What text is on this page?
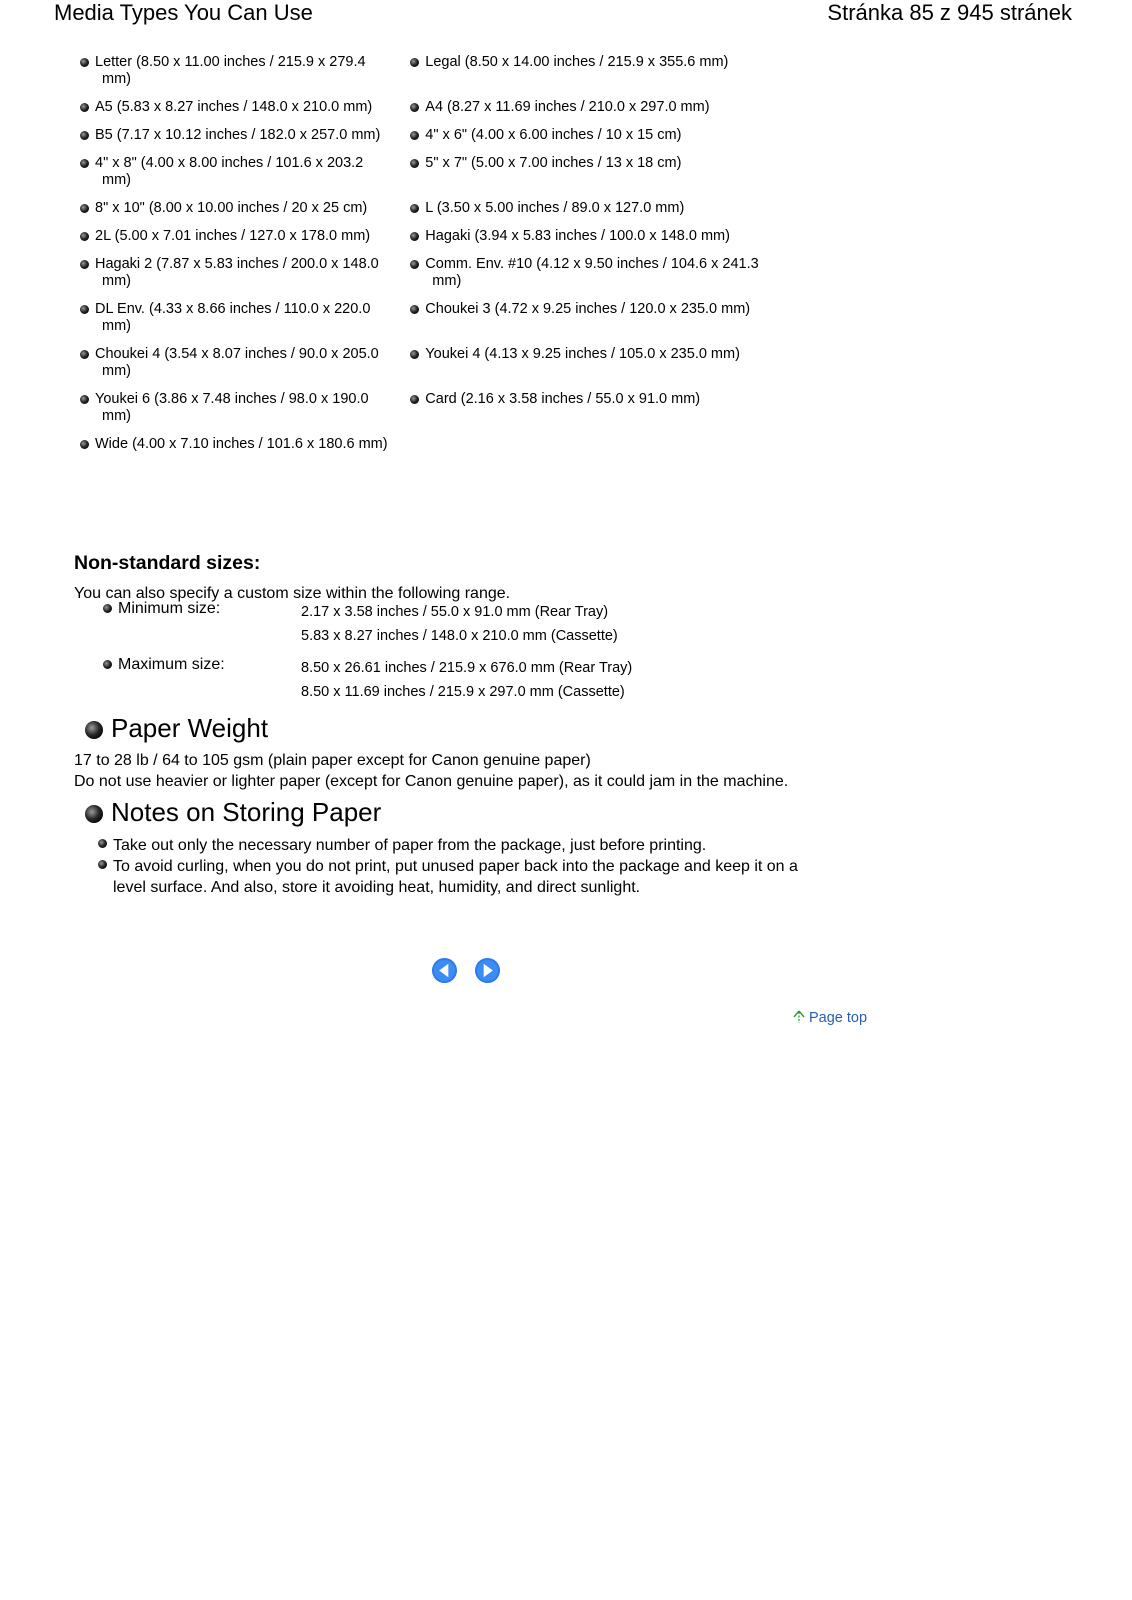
Media Types You Can Use	Stránka 85 z 945 stránek
Letter (8.50 x 11.00 inches / 215.9 x 279.4
mm)
Legal (8.50 x 14.00 inches / 215.9 x 355.6 mm)
A5 (5.83 x 8.27 inches / 148.0 x 210.0 mm)	A4 (8.27 x 11.69 inches / 210.0 x 297.0 mm)
B5 (7.17 x 10.12 inches / 182.0 x 257.0 mm)	4" x 6" (4.00 x 6.00 inches / 10 x 15 cm)
4" x 8" (4.00 x 8.00 inches / 101.6 x 203.2
mm)
5" x 7" (5.00 x 7.00 inches / 13 x 18 cm)
8" x 10" (8.00 x 10.00 inches / 20 x 25 cm)	L (3.50 x 5.00 inches / 89.0 x 127.0 mm)
2L (5.00 x 7.01 inches / 127.0 x 178.0 mm)	Hagaki (3.94 x 5.83 inches / 100.0 x 148.0 mm)
Hagaki 2 (7.87 x 5.83 inches / 200.0 x 148.0
mm)
Comm. Env. #10 (4.12 x 9.50 inches / 104.6 x 241.3
mm)
DL Env. (4.33 x 8.66 inches / 110.0 x 220.0
mm)
Choukei 3 (4.72 x 9.25 inches / 120.0 x 235.0 mm)
Choukei 4 (3.54 x 8.07 inches / 90.0 x 205.0
mm)
Youkei 4 (4.13 x 9.25 inches / 105.0 x 235.0 mm)
Youkei 6 (3.86 x 7.48 inches / 98.0 x 190.0
mm)
Card (2.16 x 3.58 inches / 55.0 x 91.0 mm)
Wide (4.00 x 7.10 inches / 101.6 x 180.6 mm)
Non-standard sizes:
You can also specify a custom size within the following range.
Minimum size:	2.17 x 3.58 inches / 55.0 x 91.0 mm (Rear Tray)
5.83 x 8.27 inches / 148.0 x 210.0 mm (Cassette)
Maximum size:	8.50 x 26.61 inches / 215.9 x 676.0 mm (Rear Tray)
8.50 x 11.69 inches / 215.9 x 297.0 mm (Cassette)
Paper Weight
17 to 28 lb / 64 to 105 gsm (plain paper except for Canon genuine paper)
Do not use heavier or lighter paper (except for Canon genuine paper), as it could jam in the machine.
Notes on Storing Paper
Take out only the necessary number of paper from the package, just before printing.
To avoid curling, when you do not print, put unused paper back into the package and keep it on a
level surface. And also, store it avoiding heat, humidity, and direct sunlight.
Page top
